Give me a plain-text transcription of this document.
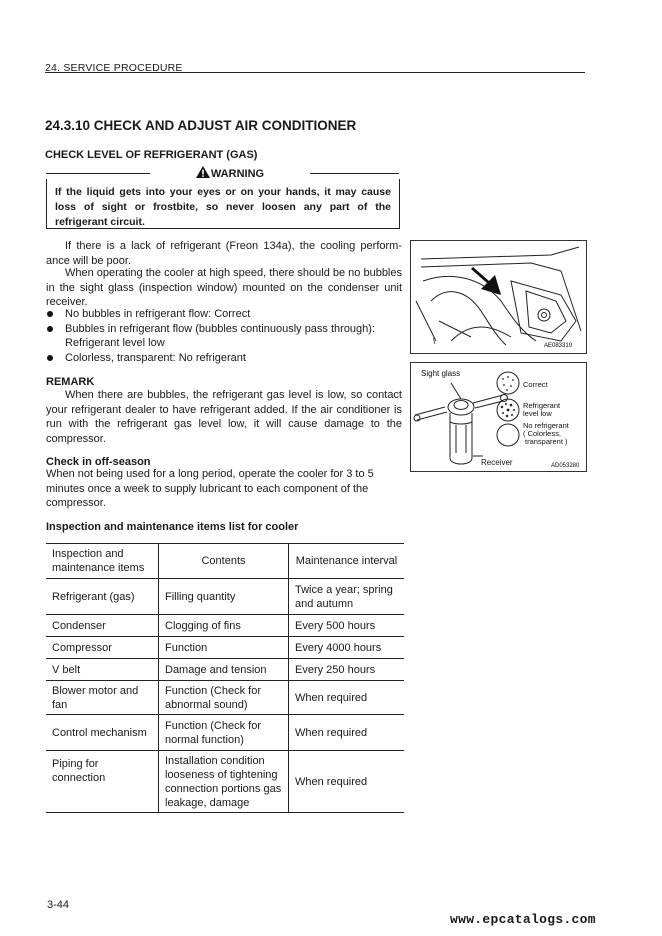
24. SERVICE PROCEDURE
24.3.10 CHECK AND ADJUST AIR CONDITIONER
CHECK LEVEL OF REFRIGERANT (GAS)
WARNING
If the liquid gets into your eyes or on your hands, it may cause loss of sight or frostbite, so never loosen any part of the refrigerant circuit.
If there is a lack of refrigerant (Freon 134a), the cooling perform- ance will be poor.
When operating the cooler at high speed, there should be no bubbles in the sight glass (inspection window) mounted on the condenser unit receiver.
No bubbles in refrigerant flow: Correct
Bubbles in refrigerant flow (bubbles continuously pass through): Refrigerant level low
Colorless, transparent: No refrigerant
REMARK
When there are bubbles, the refrigerant gas level is low, so contact your refrigerant dealer to have refrigerant added. If the air conditioner is run with the refrigerant gas level low, it will cause damage to the compressor.
Check in off-season
When not being used for a long period, operate the cooler for 3 to 5 minutes once a week to supply lubricant to each component of the compressor.
\	AE083310
Sight glass
Correct
Refrigerant
level low
No refrigerant
( Colorless,
transparent )
Receiver	AD053280
Inspection and maintenance items list for cooler
Inspection and maintenance items	Contents	Maintenance interval
Refrigerant (gas)	Filling quantity	Twice a year; spring and autumn
Condenser	Clogging of fins	Every 500 hours
Compressor	Function	Every 4000 hours
V belt	Damage and tension	Every 250 hours
Blower motor and fan	Function (Check for abnormal sound)	When required
Control mechanism	Function (Check for normal function)	When required
Piping for connection	Installation condition looseness of tightening connection portions gas leakage, damage	When required
3-44
www.epcatalogs.com
